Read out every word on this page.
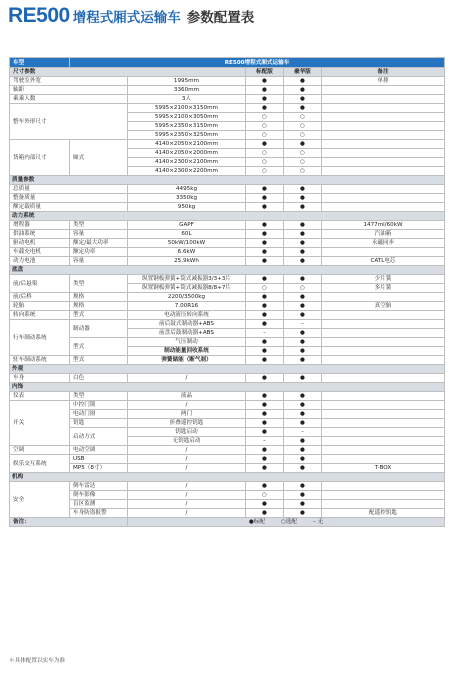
RE500 增程式厢式运输车 参数配置表
车型	RE500增程式厢式运输车				
尺寸参数			标配版	豪华版	备注
驾驶室外宽		1995mm	●	●	单排
轴距		3360mm	●	●	
乘乘人数		3人	●	●	
整车外形尺寸		5995×2100×3150mm	●	●	
		5995×2100×3050mm	○	○	
		5995×2350×3150mm	○	○	
		5995×2350×3250mm	○	○	
货箱内部尺寸	厢式	4140×2050×2100mm	●	●	
		4140×2050×2000mm	○	○	
		4140×2300×2100mm	○	○	
		4140×2300×2200mm	○	○	
质量参数					
总质量		4495kg	●	●	
整备质量		3350kg	●	●	
额定载质量		950kg	●	●	
动力系统					
增程器	类型	GAPF	●	●	1477ml/60kW
供油系统	容量	60L	●	●	汽油箱
驱动电机	额定/最大功率	50kW/100kW	●	●	永磁同步
车载充电机	额定功率	6.6kW	●	●	
动力电池	容量	25.9kWh	●	●	CATL电芯
底盘					
前/后悬架	类型	纵置钢板弹簧+筒式减振器3/3+3片	●	●	少片簧
		纵置钢板弹簧+筒式减振器8/8+7片	○	○	多片簧
前/后桥	规格	2200/3500kg	●	●	
轮胎	规格	7.00R16	●	●	真空胎
转向系统	型式	电动液压转向系统	●	●	
行车制动系统	制动器	前后鼓式制动器+ABS	●	–	
		前盘后鼓制动器+ABS	–	●	
	型式	气压制动	●	●	
		制动能量回收系统	●	●	
驻车制动系统	型式	弹簧储能（断气刹）	●	●	
外观					
车身	白色	/	●	●	
内饰					
仪表	类型	液晶	●	●	
开关	中控门锁	/	●	●	
	电动门窗	两门	●	●	
	钥匙	折叠遥控钥匙	●	●	
	启动方式	钥匙启动	●	–	
		无钥匙启动	–	●	
空调	电动空调	/	●	●	
娱乐交互系统	USB	/	●	●	
	MP5（8寸）	/	●	●	T-BOX
机构					
安全	倒车雷达	/	●	●	
	倒车影像	/	○	●	
	盲区监测	/	●	●	
	车身防盗报警	/	●	●	配遥控钥匙
备注：		●标配 ○选配 – 无			
＊具体配置以实车为准
